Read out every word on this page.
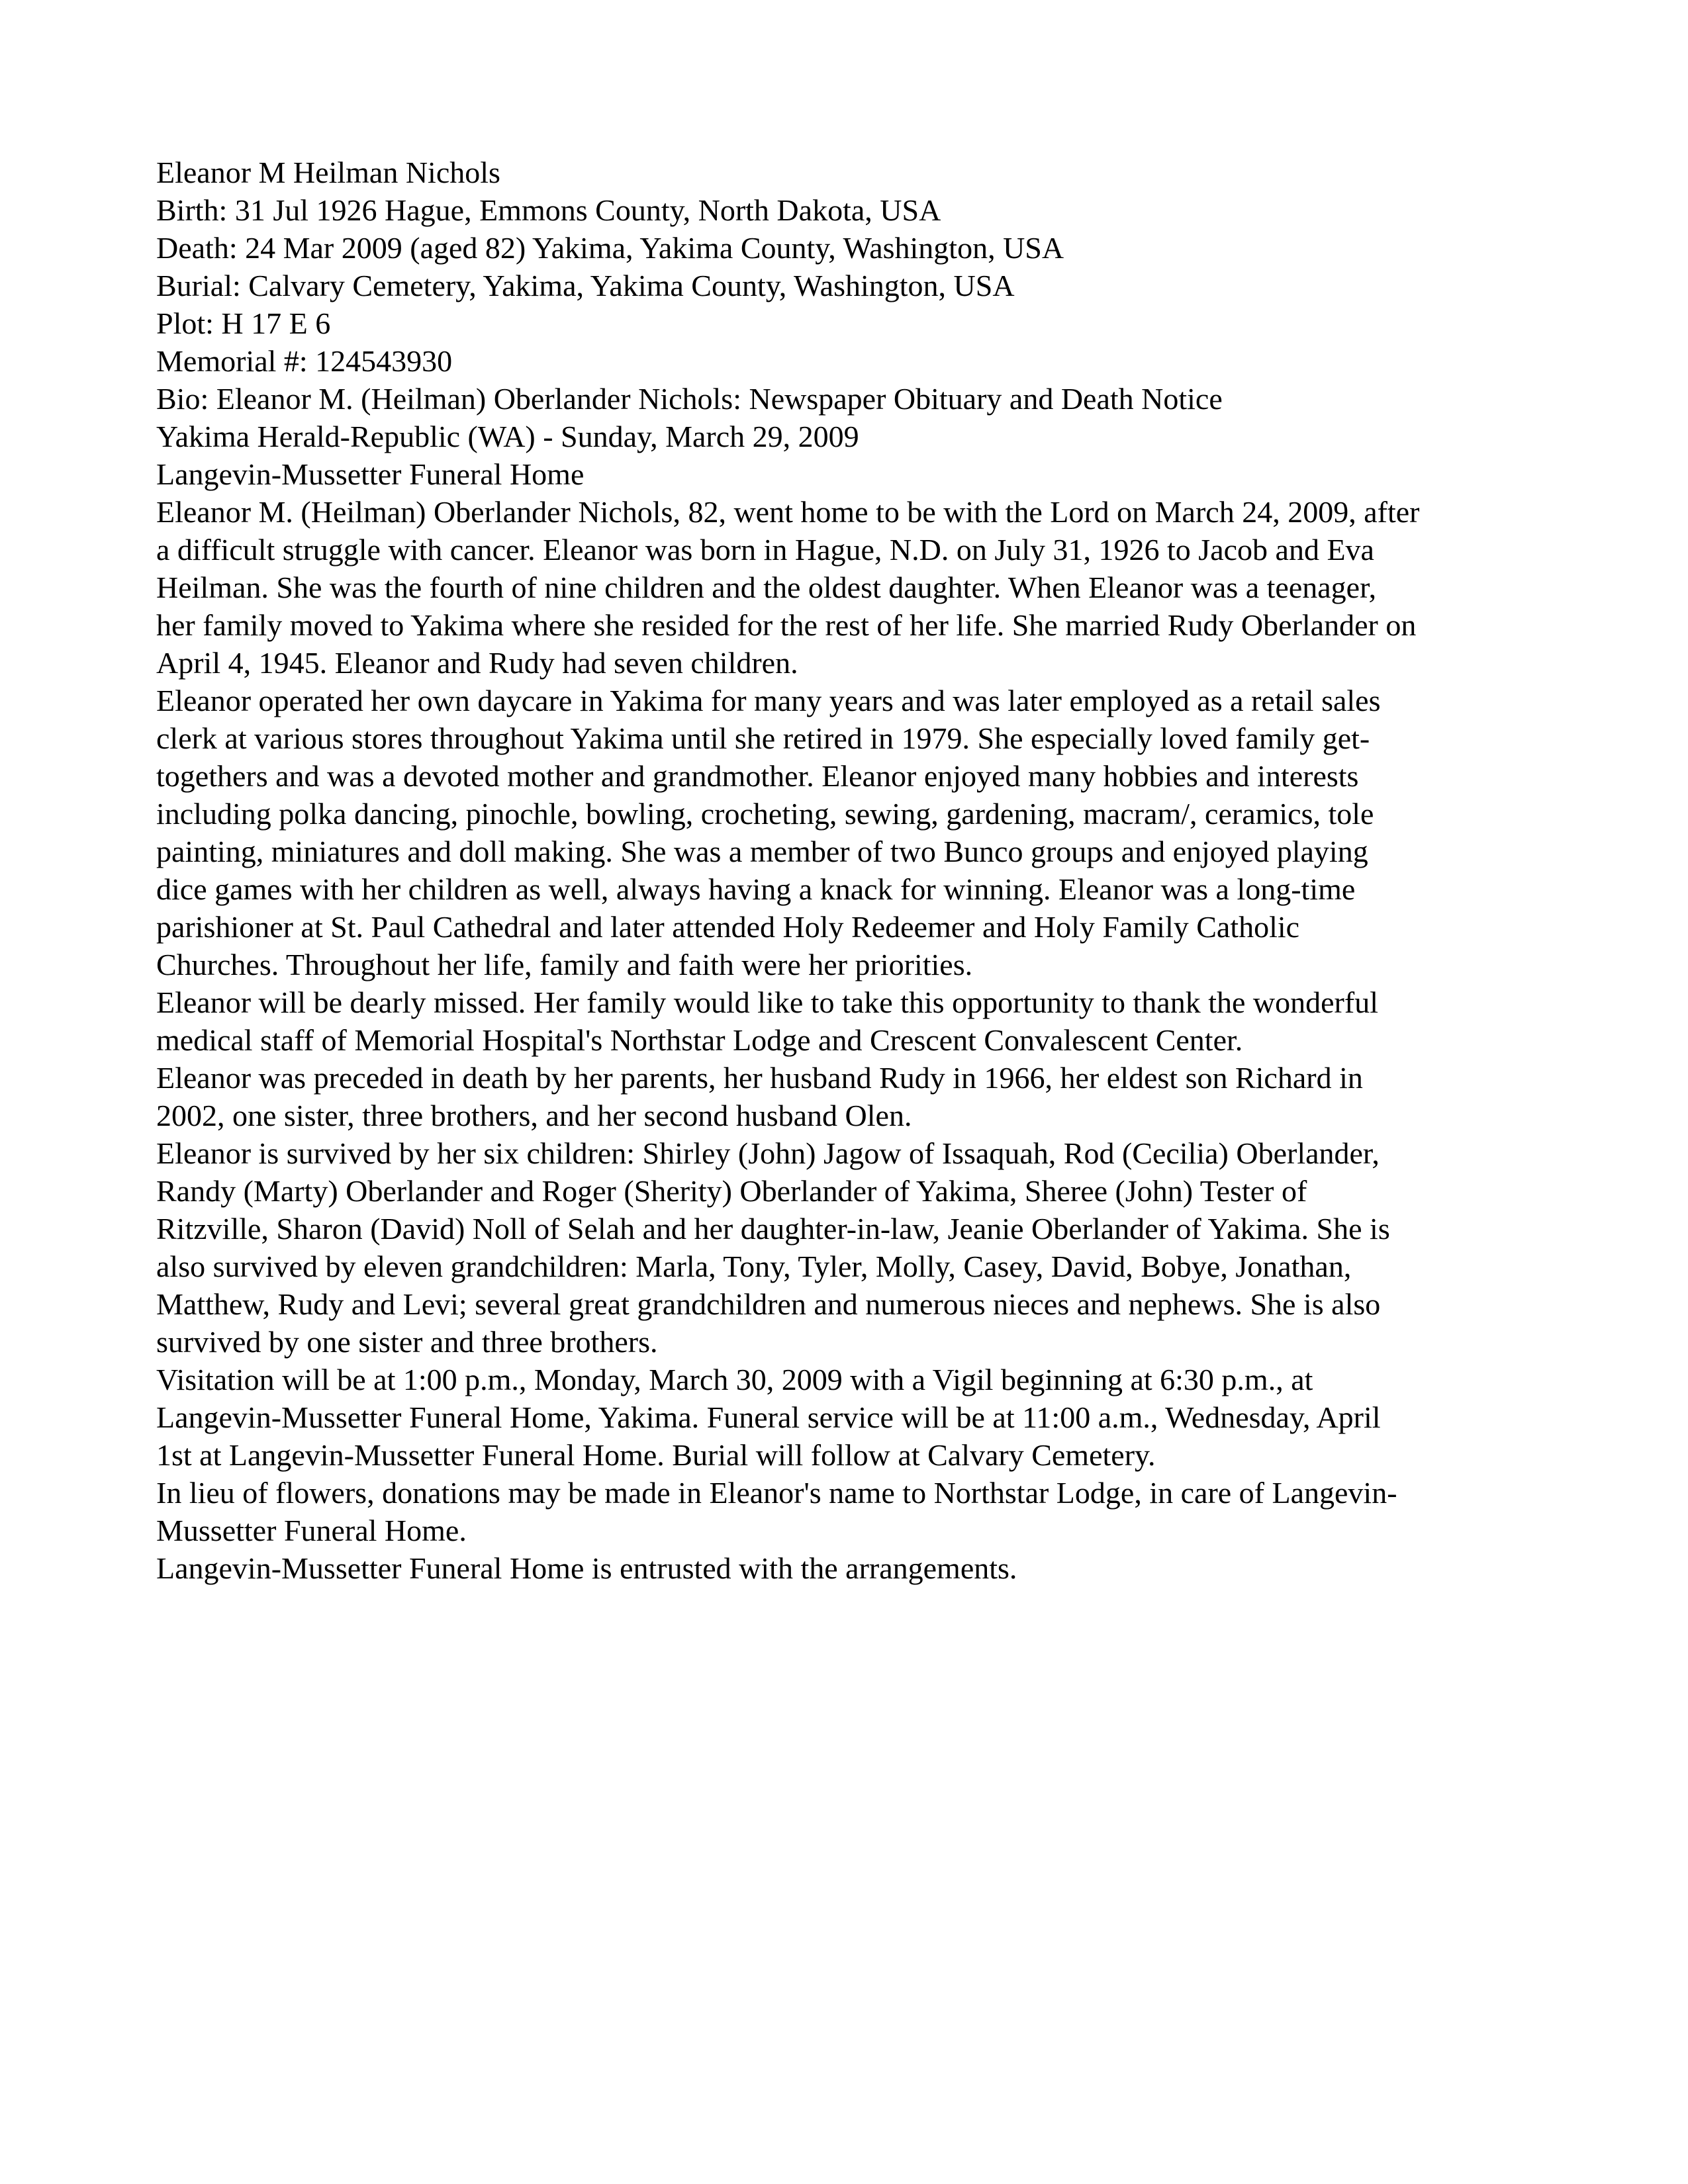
Eleanor M Heilman Nichols

Birth: 31 Jul 1926 Hague, Emmons County, North Dakota, USA

Death: 24 Mar 2009 (aged 82) Yakima, Yakima County, Washington, USA

Burial: Calvary Cemetery, Yakima, Yakima County, Washington, USA

Plot: H 17 E 6

Memorial #: 124543930

Bio: Eleanor M. (Heilman) Oberlander Nichols: Newspaper Obituary and Death Notice

Yakima Herald-Republic (WA) - Sunday, March 29, 2009

Langevin-Mussetter Funeral Home

Eleanor M. (Heilman) Oberlander Nichols, 82, went home to be with the Lord on March 24, 2009, after
a difficult struggle with cancer. Eleanor was born in Hague, N.D. on July 31, 1926 to Jacob and Eva
Heilman. She was the fourth of nine children and the oldest daughter. When Eleanor was a teenager,
her family moved to Yakima where she resided for the rest of her life. She married Rudy Oberlander on
April 4, 1945. Eleanor and Rudy had seven children.

Eleanor operated her own daycare in Yakima for many years and was later employed as a retail sales
clerk at various stores throughout Yakima until she retired in 1979. She especially loved family get-
togethers and was a devoted mother and grandmother. Eleanor enjoyed many hobbies and interests
including polka dancing, pinochle, bowling, crocheting, sewing, gardening, macram/, ceramics, tole
painting, miniatures and doll making. She was a member of two Bunco groups and enjoyed playing
dice games with her children as well, always having a knack for winning. Eleanor was a long-time
parishioner at St. Paul Cathedral and later attended Holy Redeemer and Holy Family Catholic
Churches. Throughout her life, family and faith were her priorities.

Eleanor will be dearly missed. Her family would like to take this opportunity to thank the wonderful
medical staff of Memorial Hospital's Northstar Lodge and Crescent Convalescent Center.

Eleanor was preceded in death by her parents, her husband Rudy in 1966, her eldest son Richard in
2002, one sister, three brothers, and her second husband Olen.

Eleanor is survived by her six children: Shirley (John) Jagow of Issaquah, Rod (Cecilia) Oberlander,
Randy (Marty) Oberlander and Roger (Sherity) Oberlander of Yakima, Sheree (John) Tester of
Ritzville, Sharon (David) Noll of Selah and her daughter-in-law, Jeanie Oberlander of Yakima. She is
also survived by eleven grandchildren: Marla, Tony, Tyler, Molly, Casey, David, Bobye, Jonathan,
Matthew, Rudy and Levi; several great grandchildren and numerous nieces and nephews. She is also
survived by one sister and three brothers.

Visitation will be at 1:00 p.m., Monday, March 30, 2009 with a Vigil beginning at 6:30 p.m., at
Langevin-Mussetter Funeral Home, Yakima. Funeral service will be at 11:00 a.m., Wednesday, April
1st at Langevin-Mussetter Funeral Home. Burial will follow at Calvary Cemetery.

In lieu of flowers, donations may be made in Eleanor's name to Northstar Lodge, in care of Langevin-
Mussetter Funeral Home.

Langevin-Mussetter Funeral Home is entrusted with the arrangements.
